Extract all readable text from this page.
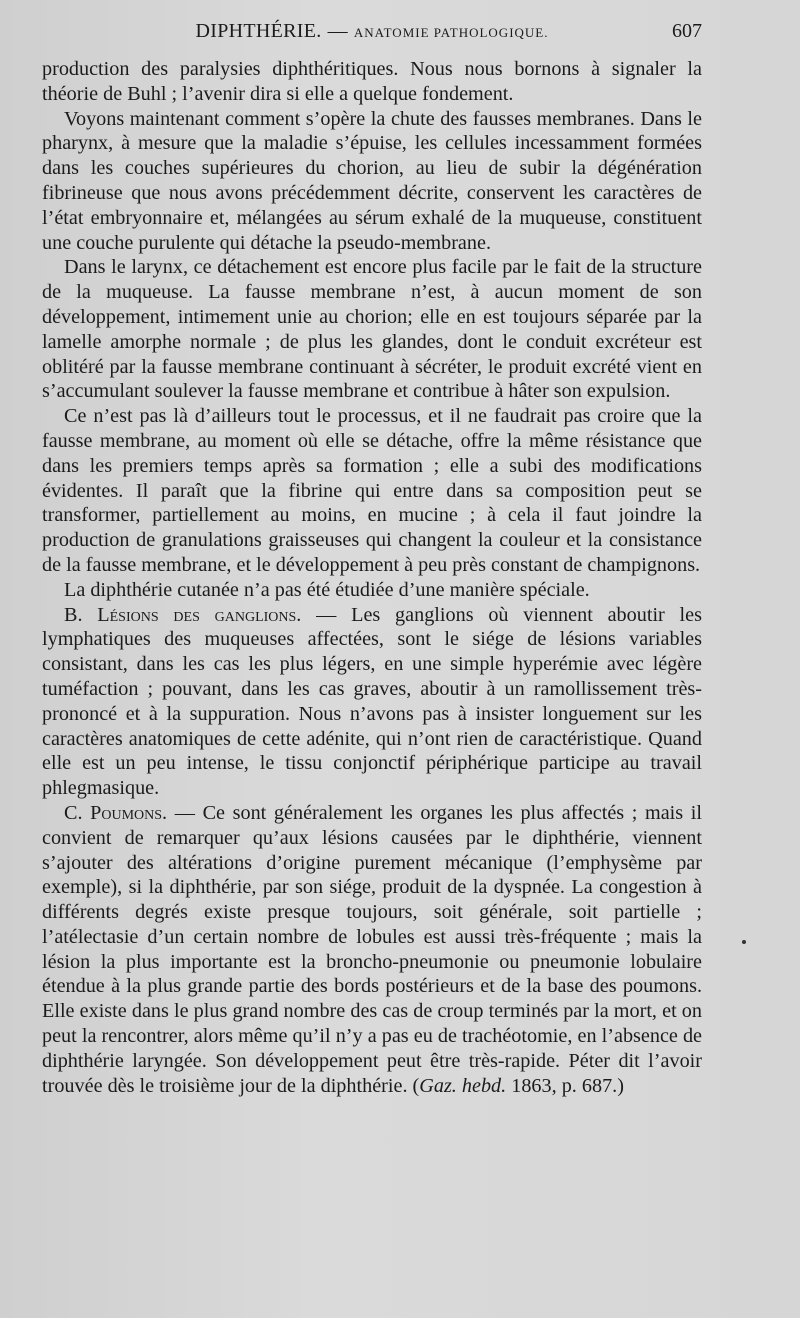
DIPHTHÉRIE. — ANATOMIE PATHOLOGIQUE.	607

production des paralysies diphthéritiques. Nous nous bornons à signaler la théorie de Buhl ; l’avenir dira si elle a quelque fondement.

Voyons maintenant comment s’opère la chute des fausses membranes. Dans le pharynx, à mesure que la maladie s’épuise, les cellules incessamment formées dans les couches supérieures du chorion, au lieu de subir la dégénération fibrineuse que nous avons précédemment décrite, conservent les caractères de l’état embryonnaire et, mélangées au sérum exhalé de la muqueuse, constituent une couche purulente qui détache la pseudo-membrane.

Dans le larynx, ce détachement est encore plus facile par le fait de la structure de la muqueuse. La fausse membrane n’est, à aucun moment de son développement, intimement unie au chorion; elle en est toujours séparée par la lamelle amorphe normale ; de plus les glandes, dont le conduit excréteur est oblitéré par la fausse membrane continuant à sécréter, le produit excrété vient en s’accumulant soulever la fausse membrane et contribue à hâter son expulsion.

Ce n’est pas là d’ailleurs tout le processus, et il ne faudrait pas croire que la fausse membrane, au moment où elle se détache, offre la même résistance que dans les premiers temps après sa formation ; elle a subi des modifications évidentes. Il paraît que la fibrine qui entre dans sa composition peut se transformer, partiellement au moins, en mucine ; à cela il faut joindre la production de granulations graisseuses qui changent la couleur et la consistance de la fausse membrane, et le développement à peu près constant de champignons.

La diphthérie cutanée n’a pas été étudiée d’une manière spéciale.

B. Lésions des ganglions. — Les ganglions où viennent aboutir les lymphatiques des muqueuses affectées, sont le siége de lésions variables consistant, dans les cas les plus légers, en une simple hyperémie avec légère tuméfaction ; pouvant, dans les cas graves, aboutir à un ramollissement très-prononcé et à la suppuration. Nous n’avons pas à insister longuement sur les caractères anatomiques de cette adénite, qui n’ont rien de caractéristique. Quand elle est un peu intense, le tissu conjonctif périphérique participe au travail phlegmasique.

C. Poumons. — Ce sont généralement les organes les plus affectés ; mais il convient de remarquer qu’aux lésions causées par le diphthérie, viennent s’ajouter des altérations d’origine purement mécanique (l’emphysème par exemple), si la diphthérie, par son siége, produit de la dyspnée. La congestion à différents degrés existe presque toujours, soit générale, soit partielle ; l’atélectasie d’un certain nombre de lobules est aussi très-fréquente ; mais la lésion la plus importante est la broncho-pneumonie ou pneumonie lobulaire étendue à la plus grande partie des bords postérieurs et de la base des poumons. Elle existe dans le plus grand nombre des cas de croup terminés par la mort, et on peut la rencontrer, alors même qu’il n’y a pas eu de trachéotomie, en l’absence de diphthérie laryngée. Son développement peut être très-rapide. Péter dit l’avoir trouvée dès le troisième jour de la diphthérie. (Gaz. hebd. 1863, p. 687.)
